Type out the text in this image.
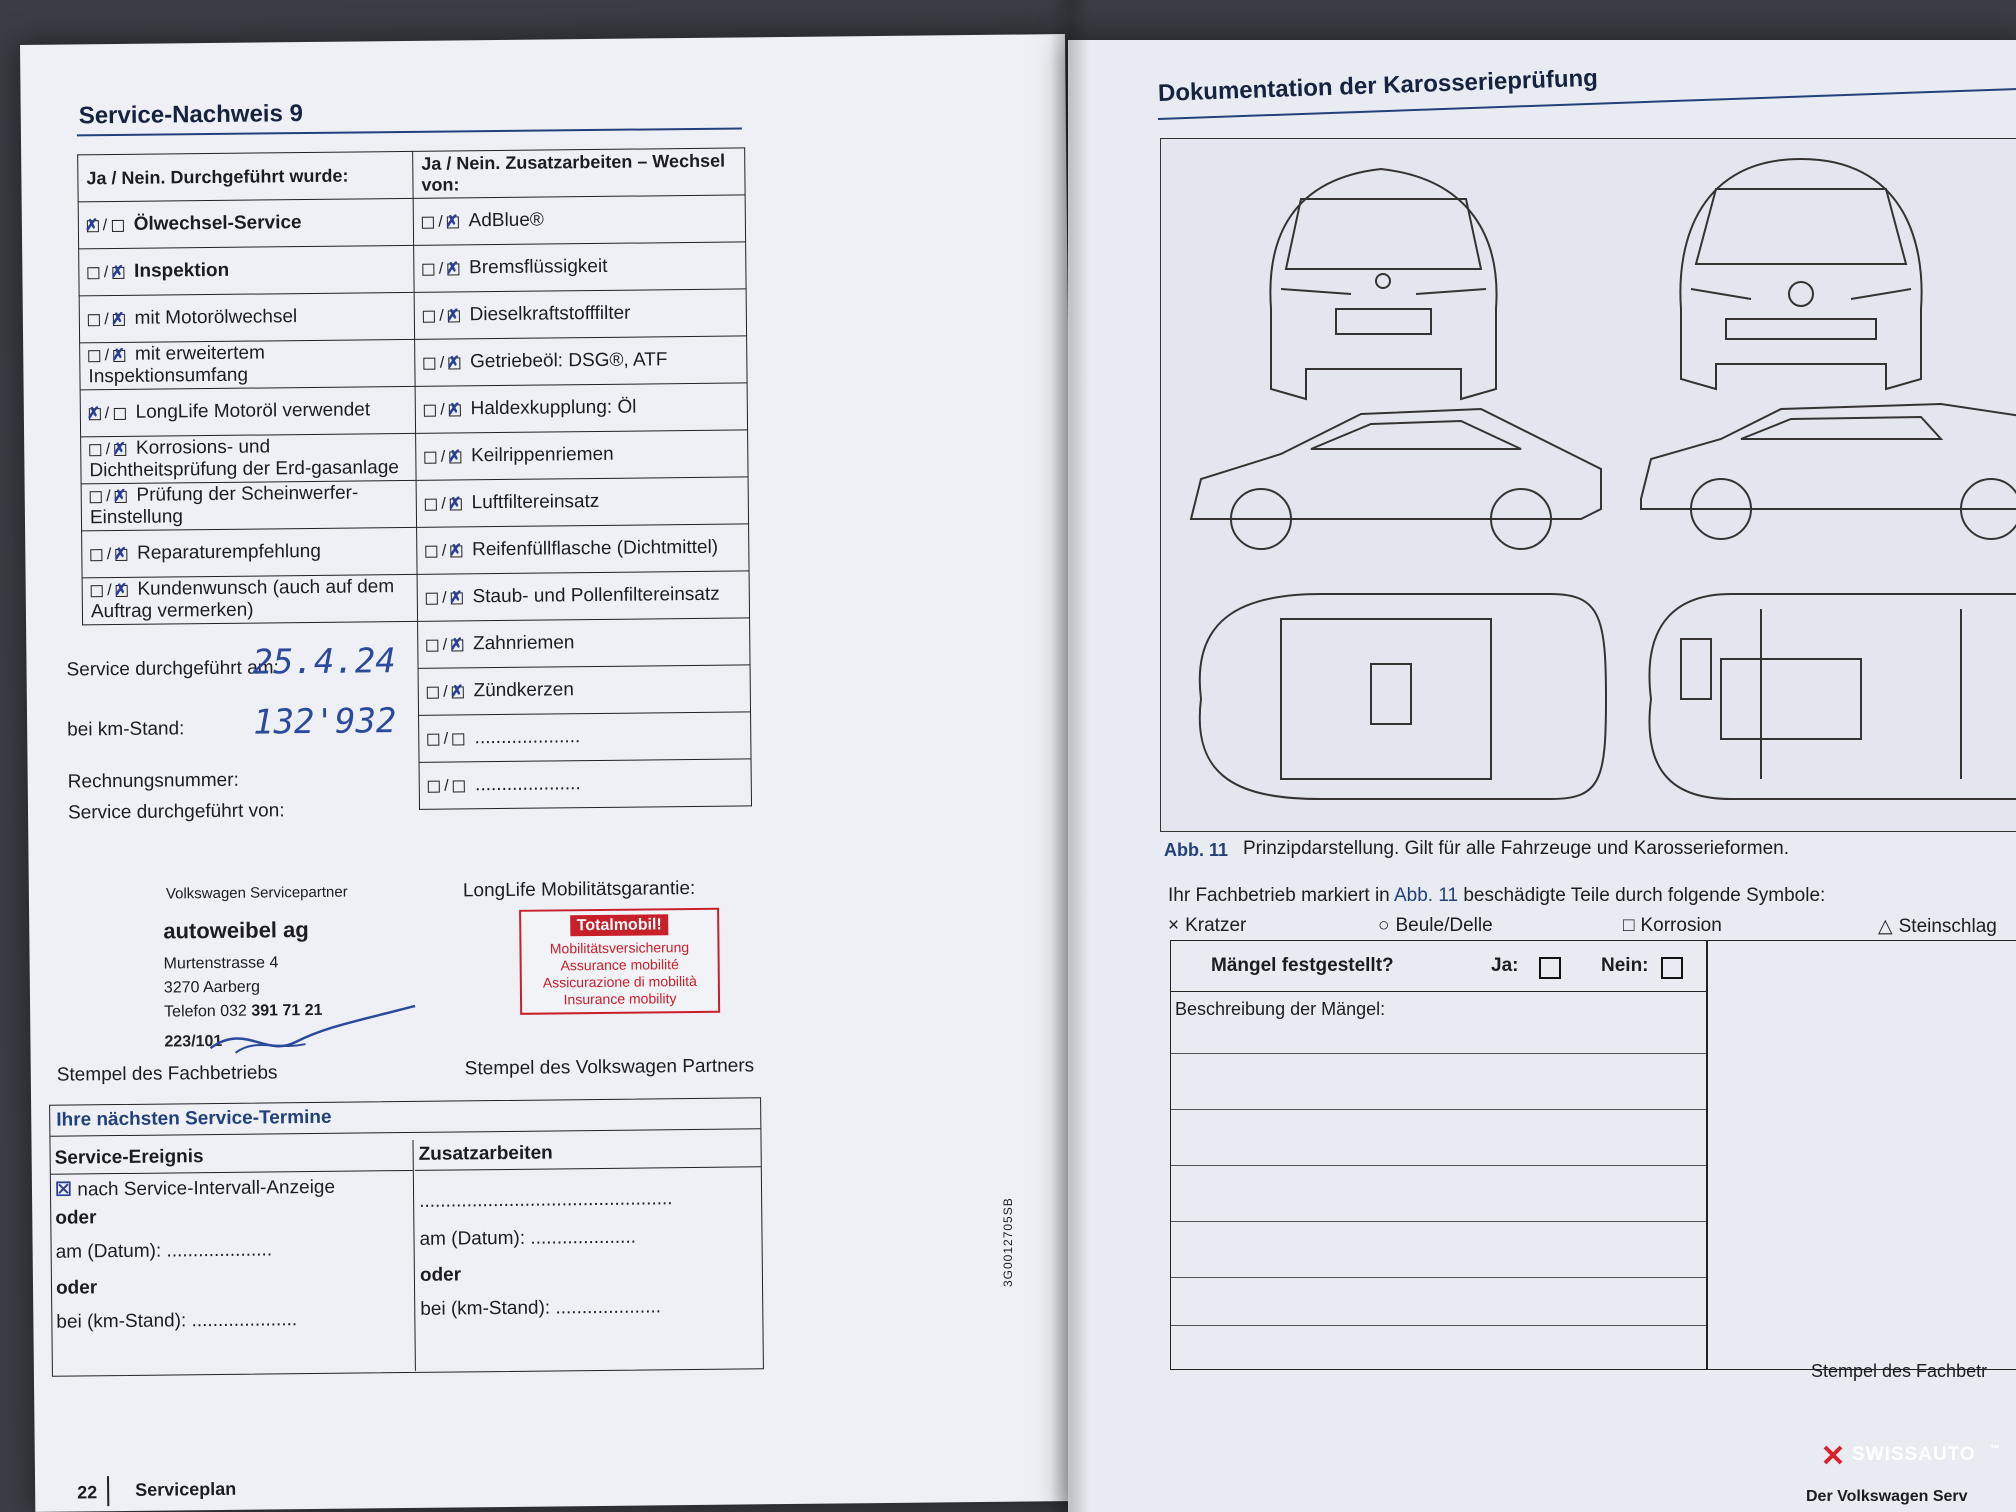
Service-Nachweis 9
Ja / Nein. Durchgeführt wurde:	Ja / Nein. Zusatzarbeiten – Wechsel von:
✗ / Ölwechsel-Service	/ ✗ AdBlue®
/ ✗ Inspektion	/ ✗ Bremsflüssigkeit
/ ✗ mit Motorölwechsel	/ ✗ Dieselkraftstofffilter
/ ✗ mit erweitertem Inspektionsumfang	/ ✗ Getriebeöl: DSG®, ATF
✗ / LongLife Motoröl verwendet	/ ✗ Haldexkupplung: Öl
/ ✗ Korrosions- und Dichtheitsprüfung der Erd-gasanlage	/ ✗ Keilrippenriemen
/ ✗ Prüfung der Scheinwerfer-Einstellung	/ ✗ Luftfiltereinsatz
/ ✗ Reparaturempfehlung	/ ✗ Reifenfüllflasche (Dichtmittel)
/ ✗ Kundenwunsch (auch auf dem Auftrag vermerken)	/ ✗ Staub- und Pollenfiltereinsatz
	/ ✗ Zahnriemen
	/ ✗ Zündkerzen
	/ ....................
	/ ....................
Service durchgeführt am:
25.4.24
bei km-Stand: 132'932
Rechnungsnummer:
Service durchgeführt von:
Volkswagen Servicepartner
autoweibel ag
Murtenstrasse 4
3270 Aarberg
Telefon 032 391 71 21
223/101
Stempel des Fachbetriebs
LongLife Mobilitätsgarantie:
Totalmobil!
Mobilitätsversicherung
Assurance mobilité
Assicurazione di mobilità
Insurance mobility
Stempel des Volkswagen Partners
Ihre nächsten Service-Termine
Service-Ereignis
☒ nach Service-Intervall-Anzeige
oder
am (Datum): ....................
oder
bei (km-Stand): ....................
Zusatzarbeiten
................................................
am (Datum): ....................
oder
bei (km-Stand): ....................
22 Serviceplan
Dokumentation der Karosserieprüfung
Abb. 11 Prinzipdarstellung. Gilt für alle Fahrzeuge und Karosserieformen.
Ihr Fachbetrieb markiert in Abb. 11 beschädigte Teile durch folgende Symbole:
× Kratzer	○ Beule/Delle	□ Korrosion	△ Steinschlag
Mängel festgestellt?	Ja:	Nein:
Beschreibung der Mängel:
Stempel des Fachbetr
3G0012705SB
Der Volkswagen Serv
SWISSAUTO ™
